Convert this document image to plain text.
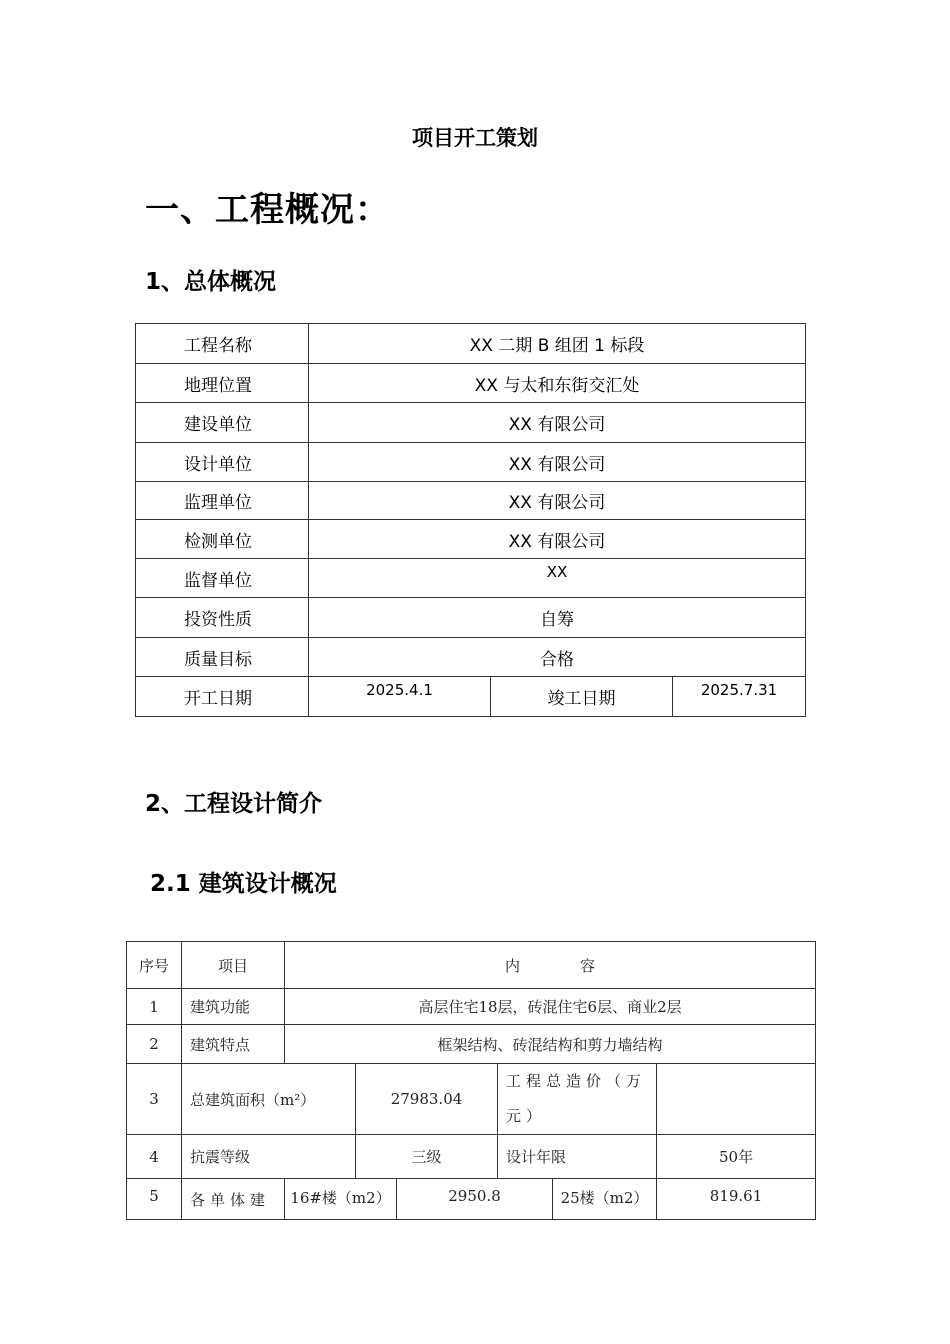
项目开工策划
一、工程概况：
1、总体概况
工程名称	XX 二期 B 组团 1 标段		
地理位置	XX 与太和东街交汇处		
建设单位	XX 有限公司		
设计单位	XX 有限公司		
监理单位	XX 有限公司		
检测单位	XX 有限公司		
监督单位	XX		
投资性质	自筹		
质量目标	合格		
开工日期	2025.4.1	竣工日期	2025.7.31
2、工程设计简介
2.1 建筑设计概况
序号	项目	内　　　　容					
1	建筑功能	高层住宅18层，砖混住宅6层、商业2层					
2	建筑特点	框架结构、砖混结构和剪力墙结构					
3	总建筑面积（m²）		27983.04		工程总造价（万元）		
4	抗震等级		三级		设计年限		50年
5	各单体建	16#楼（m2）		2950.8		25楼（m2）	819.61
